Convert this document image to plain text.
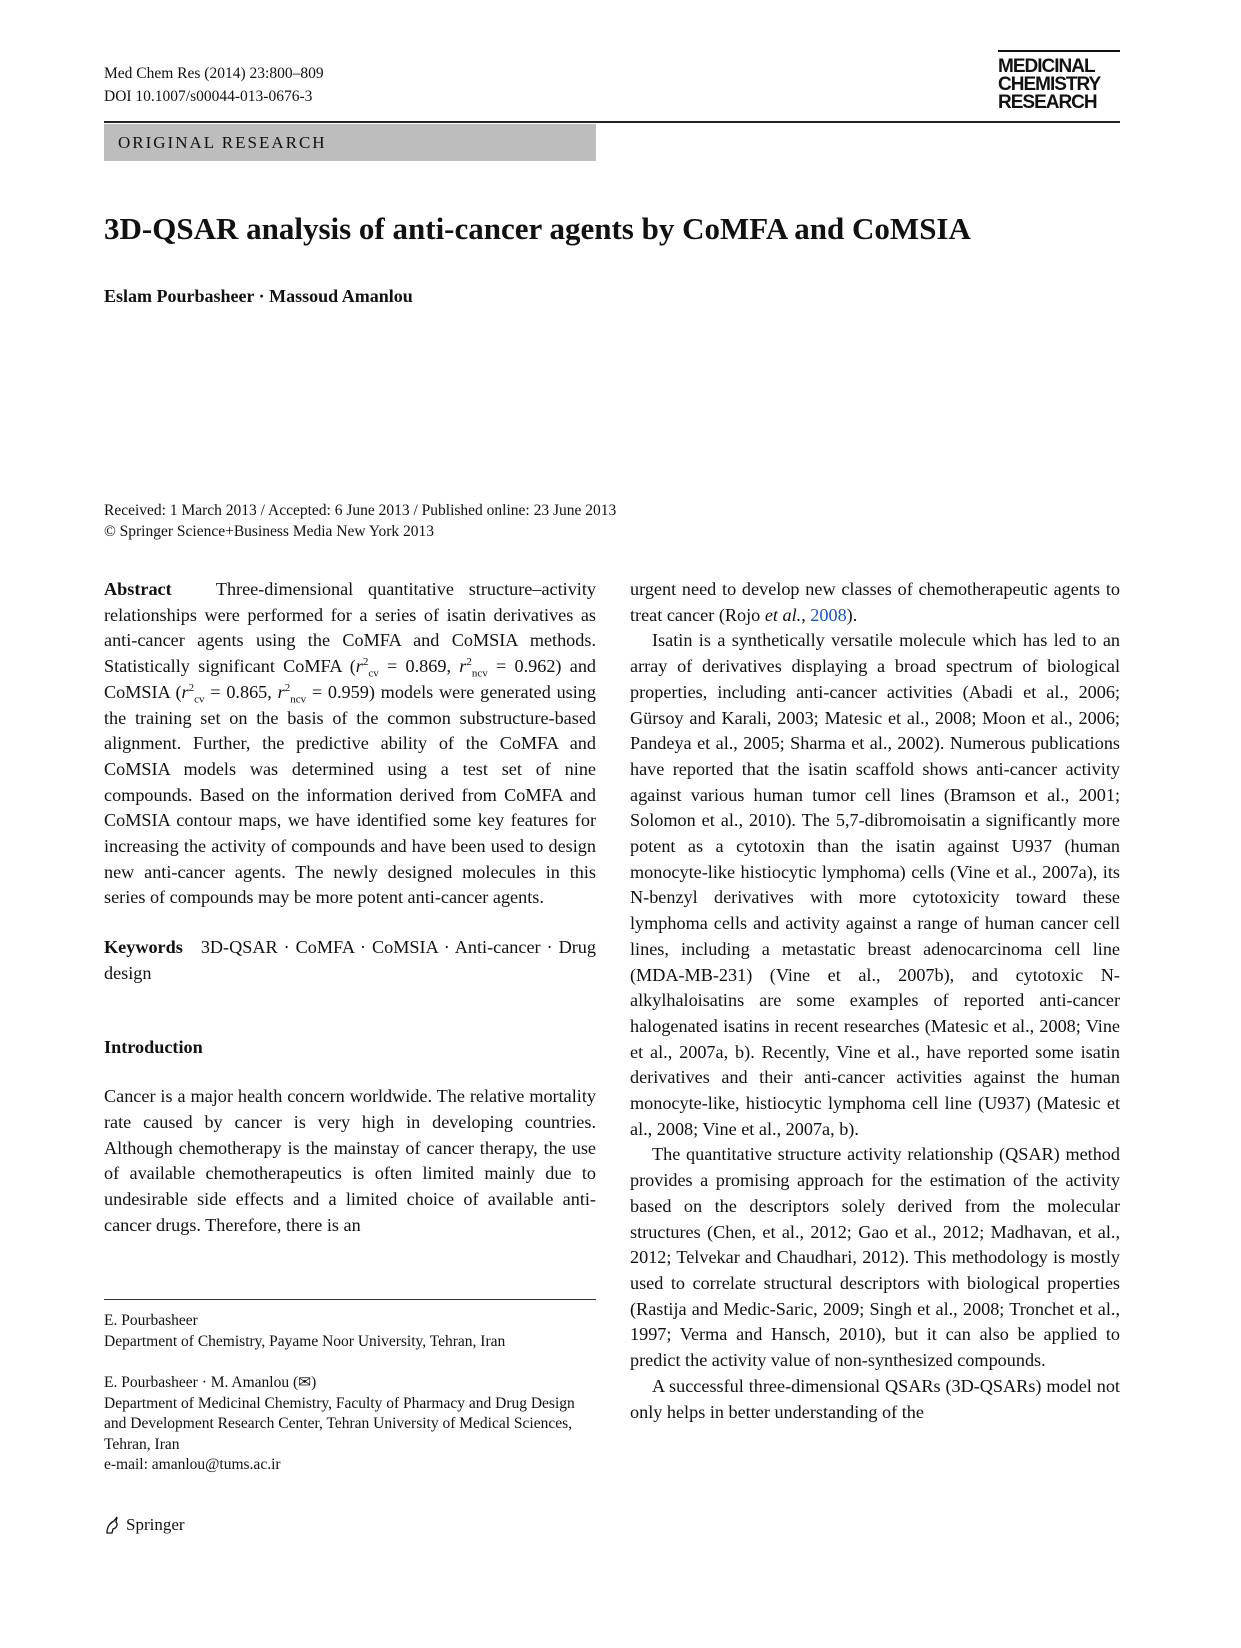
Med Chem Res (2014) 23:800–809
DOI 10.1007/s00044-013-0676-3
MEDICINAL
CHEMISTRY
RESEARCH
ORIGINAL RESEARCH
3D-QSAR analysis of anti-cancer agents by CoMFA and CoMSIA
Eslam Pourbasheer · Massoud Amanlou
Received: 1 March 2013 / Accepted: 6 June 2013 / Published online: 23 June 2013
© Springer Science+Business Media New York 2013

Abstract Three-dimensional quantitative structure–activity relationships were performed for a series of isatin derivatives as anti-cancer agents using the CoMFA and CoMSIA methods. Statistically significant CoMFA ($r^2_{cv} = 0.869$, $r^2_{ncv} = 0.962$) and CoMSIA ($r^2_{cv} = 0.865$, $r^2_{ncv} = 0.959$) models were generated using the training set on the basis of the common substructure-based alignment. Further, the predictive ability of the CoMFA and CoMSIA models was determined using a test set of nine compounds. Based on the information derived from CoMFA and CoMSIA contour maps, we have identified some key features for increasing the activity of compounds and have been used to design new anti-cancer agents. The newly designed molecules in this series of compounds may be more potent anti-cancer agents.

Keywords 3D-QSAR · CoMFA · CoMSIA · Anti-cancer · Drug design

Introduction

Cancer is a major health concern worldwide. The relative mortality rate caused by cancer is very high in developing countries. Although chemotherapy is the mainstay of cancer therapy, the use of available chemotherapeutics is often limited mainly due to undesirable side effects and a limited choice of available anti-cancer drugs. Therefore, there is an

urgent need to develop new classes of chemotherapeutic agents to treat cancer (Rojo et al., 2008).

Isatin is a synthetically versatile molecule which has led to an array of derivatives displaying a broad spectrum of biological properties, including anti-cancer activities (Abadi et al., 2006; Gürsoy and Karali, 2003; Matesic et al., 2008; Moon et al., 2006; Pandeya et al., 2005; Sharma et al., 2002). Numerous publications have reported that the isatin scaffold shows anti-cancer activity against various human tumor cell lines (Bramson et al., 2001; Solomon et al., 2010). The 5,7-dibromoisatin a significantly more potent as a cytotoxin than the isatin against U937 (human monocyte-like histiocytic lymphoma) cells (Vine et al., 2007a), its N-benzyl derivatives with more cytotoxicity toward these lymphoma cells and activity against a range of human cancer cell lines, including a metastatic breast adenocarcinoma cell line (MDA-MB-231) (Vine et al., 2007b), and cytotoxic N-alkylhaloisatins are some examples of reported anti-cancer halogenated isatins in recent researches (Matesic et al., 2008; Vine et al., 2007a, b). Recently, Vine et al., have reported some isatin derivatives and their anti-cancer activities against the human monocyte-like, histiocytic lymphoma cell line (U937) (Matesic et al., 2008; Vine et al., 2007a, b).

The quantitative structure activity relationship (QSAR) method provides a promising approach for the estimation of the activity based on the descriptors solely derived from the molecular structures (Chen, et al., 2012; Gao et al., 2012; Madhavan, et al., 2012; Telvekar and Chaudhari, 2012). This methodology is mostly used to correlate structural descriptors with biological properties (Rastija and Medic-Saric, 2009; Singh et al., 2008; Tronchet et al., 1997; Verma and Hansch, 2010), but it can also be applied to predict the activity value of non-synthesized compounds.

A successful three-dimensional QSARs (3D-QSARs) model not only helps in better understanding of the

E. Pourbasheer
Department of Chemistry, Payame Noor University, Tehran, Iran
E. Pourbasheer · M. Amanlou (✉)
Department of Medicinal Chemistry, Faculty of Pharmacy and Drug Design and Development Research Center, Tehran University of Medical Sciences, Tehran, Iran
e-mail: amanlou@tums.ac.ir
Springer
